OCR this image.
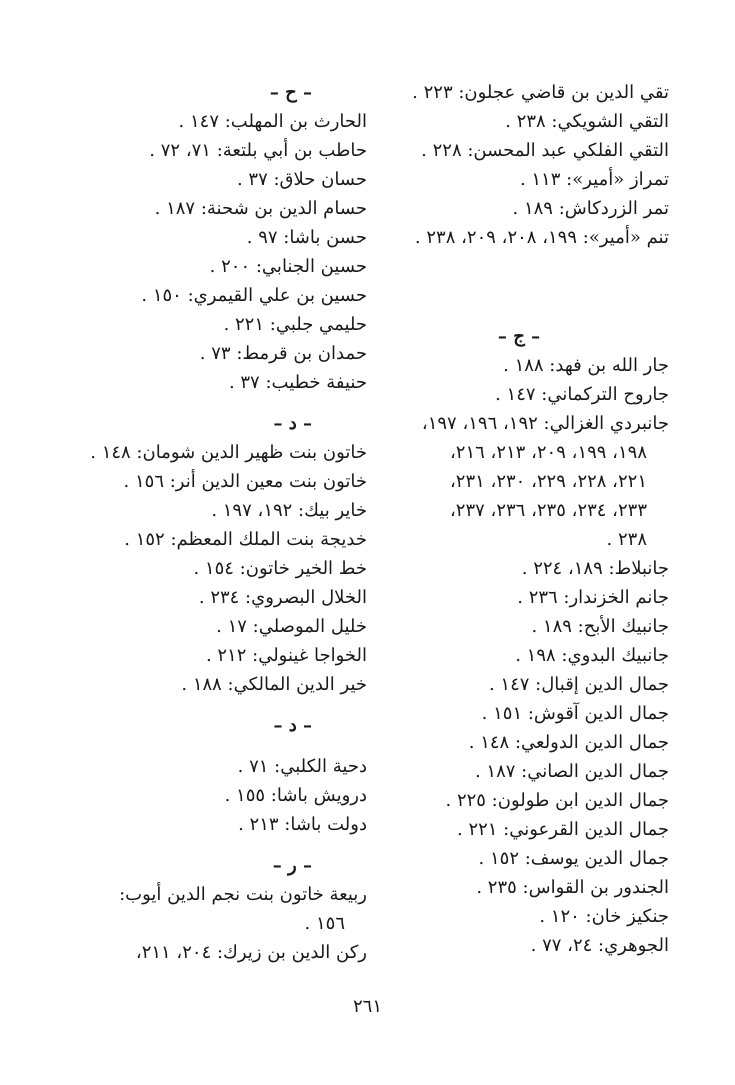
تقي الدين بن قاضي عجلون: ٢٢٣ .
التقي الشويكي: ٢٣٨ .
التقي الفلكي عبد المحسن: ٢٢٨ .
تمراز «أمير»: ١١٣ .
تمر الزردكاش: ١٨٩ .
تنم «أمير»: ١٩٩، ٢٠٨، ٢٠٩، ٢٣٨ .
– ج –
جار الله بن فهد: ١٨٨ .
جاروح التركماني: ١٤٧ .
جانبردي الغزالي: ١٩٢، ١٩٦، ١٩٧،
١٩٨، ١٩٩، ٢٠٩، ٢١٣، ٢١٦،
٢٢١، ٢٢٨، ٢٢٩، ٢٣٠، ٢٣١،
٢٣٣، ٢٣٤، ٢٣٥، ٢٣٦، ٢٣٧،
٢٣٨ .
جانبلاط: ١٨٩، ٢٢٤ .
جانم الخزندار: ٢٣٦ .
جانبيك الأبح: ١٨٩ .
جانبيك البدوي: ١٩٨ .
جمال الدين إقبال: ١٤٧ .
جمال الدين آقوش: ١٥١ .
جمال الدين الدولعي: ١٤٨ .
جمال الدين الصاني: ١٨٧ .
جمال الدين ابن طولون: ٢٢٥ .
جمال الدين القرعوني: ٢٢١ .
جمال الدين يوسف: ١٥٢ .
الجندور بن القواس: ٢٣٥ .
جنكيز خان: ١٢٠ .
الجوهري: ٢٤، ٧٧ .
– ح –
الحارث بن المهلب: ١٤٧ .
حاطب بن أبي بلتعة: ٧١، ٧٢ .
حسان حلاق: ٣٧ .
حسام الدين بن شحنة: ١٨٧ .
حسن باشا: ٩٧ .
حسين الجنابي: ٢٠٠ .
حسين بن علي القيمري: ١٥٠ .
حليمي جلبي: ٢٢١ .
حمدان بن قرمط: ٧٣ .
حنيفة خطيب: ٣٧ .
– د –
خاتون بنت ظهير الدين شومان: ١٤٨ .
خاتون بنت معين الدين أنر: ١٥٦ .
خاير بيك: ١٩٢، ١٩٧ .
خديجة بنت الملك المعظم: ١٥٢ .
خط الخير خاتون: ١٥٤ .
الخلال البصروي: ٢٣٤ .
خليل الموصلي: ١٧ .
الخواجا غينولي: ٢١٢ .
خير الدين المالكي: ١٨٨ .
– د –
دحية الكلبي: ٧١ .
درويش باشا: ١٥٥ .
دولت باشا: ٢١٣ .
– ر –
ربيعة خاتون بنت نجم الدين أيوب:
١٥٦ .
ركن الدين بن زيرك: ٢٠٤، ٢١١،
٢٦١
